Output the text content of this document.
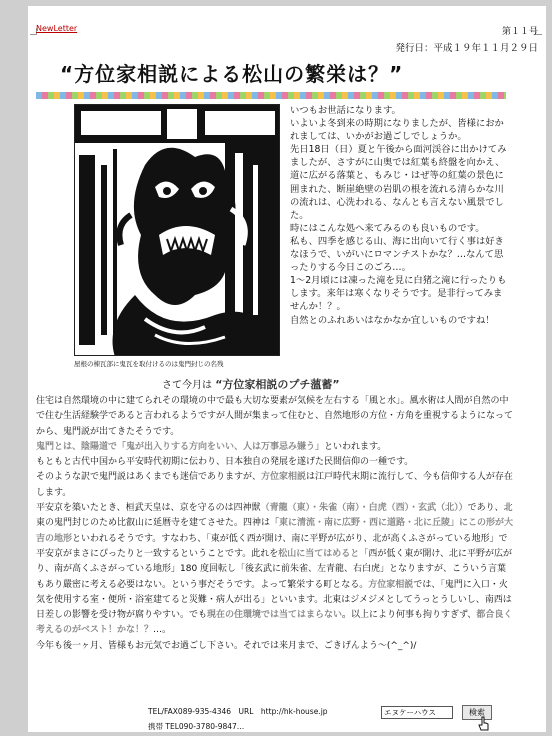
NewLetter	第１１号
発行日：平成１９年１１月２９日
“方位家相説による松山の繁栄は？”
屋根の棟瓦部に鬼瓦を取付けるのは鬼門封じの名残

いつもお世話になります。

いよいよ冬到来の時期になりましたが、皆様におかれましては、いかがお過ごしでしょうか。

先日18日（日）夏と午後から面河渓谷に出かけてみましたが、さすがに山奥では紅葉も終盤を向かえ、道に広がる落葉と、もみじ・はぜ等の紅葉の景色に囲まれた、断崖絶壁の岩肌の根を流れる清らかな川の流れは、心洗われる、なんとも言えない風景でした。

時にはこんな処へ来てみるのも良いものです。

私も、四季を感じる山、海に出向いて行く事は好きなほうで、いがいにロマンチストかな？…なんて思ったりする今日このごろ…。

1～2月頃には凍った滝を見に白猪之滝に行ったりもします。来年は寒くなりそうです。是非行ってみませんか！？。

自然とのふれあいはなかなか宜しいものですね！

さて今月は “方位家相説のプチ薀蓄”

住宅は自然環境の中に建てられその環境の中で最も大切な要素が気候を左右する「風と水」。風水術は人間が自然の中で住む生活経験学であると言われるようですが人間が集まって住むと、自然地形の方位・方角を重視するようになってから、鬼門説が出てきたそうです。

鬼門とは、陰陽道で「鬼が出入りする方向をいい、人は万事忌み嫌う」といわれます。

もともと古代中国から平安時代初期に伝わり、日本独自の発展を遂げた民間信仰の一種です。

そのような訳で鬼門説はあくまでも迷信でありますが、方位家相説は江戸時代末期に流行して、今も信仰する人が存在します。

平安京を築いたとき、桓武天皇は、京を守るのは四神獣（青龍（東）・朱雀（南）・白虎（西）・玄武（北））であり、北東の鬼門封じのため比叡山に延暦寺を建てさせた。四神は「東に清流・南に広野・西に道路・北に丘陵」にこの形が大吉の地形といわれるそうです。すなわち、「東が低く西が開け、南に平野が広がり、北が高くふさがっている地形」で平安京がまさにぴったりと一致するということです。此れを松山に当てはめると「西が低く東が開け、北に平野が広がり、南が高くふさがっている地形」180 度回転し「後玄武に前朱雀、左青龍、右白虎」となりますが、こういう言葉もあり嚴密に考える必要はない。という事だそうです。よって繁栄する町となる。方位家相説では、「鬼門に入口・火気を使用する室・便所・浴室建てると災難・病人が出る」といいます。北東はジメジメとしてうっとうしいし、南西は日差しの影響を受け物が腐りやすい。でも現在の住環境では当てはまらない。以上により何事も拘りすぎず、都合良く考えるのがベスト！かな！？…。

今年も後一ヶ月、皆様もお元気でお過ごし下さい。それでは来月まで、ごきげんよう～(^_^)/

TEL/FAX089-935-4346　URL　http://hk-house.jp
携帯 TEL090-3780-9847…
エヌケーハウス
検索
